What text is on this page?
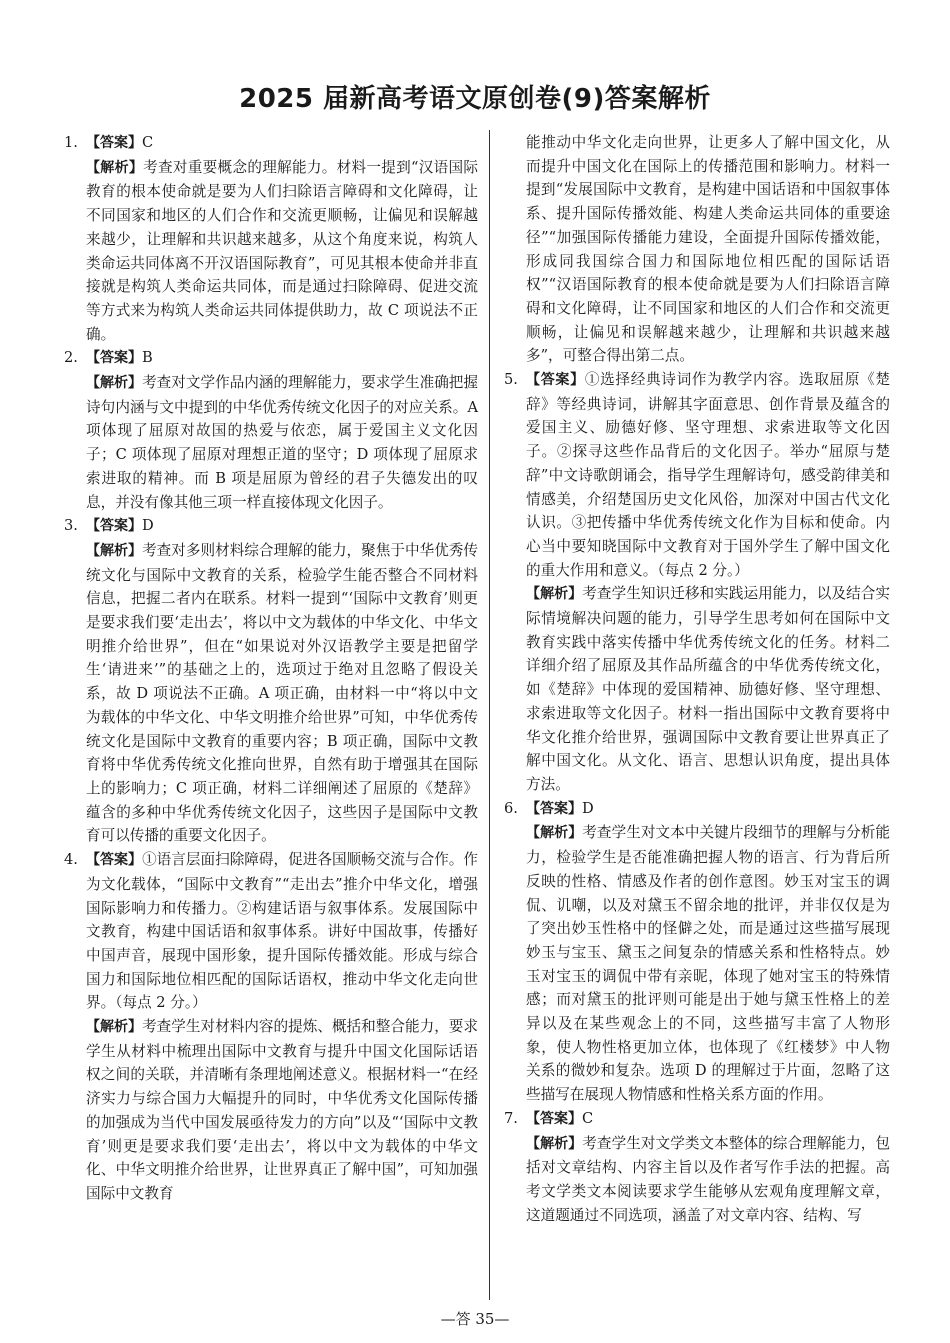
2025 届新高考语文原创卷(9)答案解析
1. 【答案】C
【解析】考查对重要概念的理解能力。材料一提到“汉语国际教育的根本使命就是要为人们扫除语言障碍和文化障碍，让不同国家和地区的人们合作和交流更顺畅，让偏见和误解越来越少，让理解和共识越来越多，从这个角度来说，构筑人类命运共同体离不开汉语国际教育”，可见其根本使命并非直接就是构筑人类命运共同体，而是通过扫除障碍、促进交流等方式来为构筑人类命运共同体提供助力，故 C 项说法不正确。
2. 【答案】B
【解析】考查对文学作品内涵的理解能力，要求学生准确把握诗句内涵与文中提到的中华优秀传统文化因子的对应关系。A 项体现了屈原对故国的热爱与依恋，属于爱国主义文化因子；C 项体现了屈原对理想正道的坚守；D 项体现了屈原求索进取的精神。而 B 项是屈原为曾经的君子失德发出的叹息，并没有像其他三项一样直接体现文化因子。
3. 【答案】D
【解析】考查对多则材料综合理解的能力，聚焦于中华优秀传统文化与国际中文教育的关系，检验学生能否整合不同材料信息，把握二者内在联系。材料一提到“‘国际中文教育’则更是要求我们要‘走出去’，将以中文为载体的中华文化、中华文明推介给世界”，但在“如果说对外汉语教学主要是把留学生‘请进来’”的基础之上的，选项过于绝对且忽略了假设关系，故 D 项说法不正确。A 项正确，由材料一中“将以中文为载体的中华文化、中华文明推介给世界”可知，中华优秀传统文化是国际中文教育的重要内容；B 项正确，国际中文教育将中华优秀传统文化推向世界，自然有助于增强其在国际上的影响力；C 项正确，材料二详细阐述了屈原的《楚辞》蕴含的多种中华优秀传统文化因子，这些因子是国际中文教育可以传播的重要文化因子。
4. 【答案】①语言层面扫除障碍，促进各国顺畅交流与合作。作为文化载体，“国际中文教育”“走出去”推介中华文化，增强国际影响力和传播力。②构建话语与叙事体系。发展国际中文教育，构建中国话语和叙事体系。讲好中国故事，传播好中国声音，展现中国形象，提升国际传播效能。形成与综合国力和国际地位相匹配的国际话语权，推动中华文化走向世界。（每点 2 分。）
【解析】考查学生对材料内容的提炼、概括和整合能力，要求学生从材料中梳理出国际中文教育与提升中国文化国际话语权之间的关联，并清晰有条理地阐述意义。根据材料一“在经济实力与综合国力大幅提升的同时，中华优秀文化国际传播的加强成为当代中国发展亟待发力的方向”以及“‘国际中文教育’则更是要求我们要‘走出去’，将以中文为载体的中华文化、中华文明推介给世界，让世界真正了解中国”，可知加强国际中文教育
能推动中华文化走向世界，让更多人了解中国文化，从而提升中国文化在国际上的传播范围和影响力。材料一提到“发展国际中文教育，是构建中国话语和中国叙事体系、提升国际传播效能、构建人类命运共同体的重要途径”“加强国际传播能力建设，全面提升国际传播效能，形成同我国综合国力和国际地位相匹配的国际话语权”“汉语国际教育的根本使命就是要为人们扫除语言障碍和文化障碍，让不同国家和地区的人们合作和交流更顺畅，让偏见和误解越来越少，让理解和共识越来越多”，可整合得出第二点。
5. 【答案】①选择经典诗词作为教学内容。选取屈原《楚辞》等经典诗词，讲解其字面意思、创作背景及蕴含的爱国主义、励德好修、坚守理想、求索进取等文化因子。②探寻这些作品背后的文化因子。举办“屈原与楚辞”中文诗歌朗诵会，指导学生理解诗句，感受韵律美和情感美，介绍楚国历史文化风俗，加深对中国古代文化认识。③把传播中华优秀传统文化作为目标和使命。内心当中要知晓国际中文教育对于国外学生了解中国文化的重大作用和意义。（每点 2 分。）
【解析】考查学生知识迁移和实践运用能力，以及结合实际情境解决问题的能力，引导学生思考如何在国际中文教育实践中落实传播中华优秀传统文化的任务。材料二详细介绍了屈原及其作品所蕴含的中华优秀传统文化，如《楚辞》中体现的爱国精神、励德好修、坚守理想、求索进取等文化因子。材料一指出国际中文教育要将中华文化推介给世界，强调国际中文教育要让世界真正了解中国文化。从文化、语言、思想认识角度，提出具体方法。
6. 【答案】D
【解析】考查学生对文本中关键片段细节的理解与分析能力，检验学生是否能准确把握人物的语言、行为背后所反映的性格、情感及作者的创作意图。妙玉对宝玉的调侃、讥嘲，以及对黛玉不留余地的批评，并非仅仅是为了突出妙玉性格中的怪僻之处，而是通过这些描写展现妙玉与宝玉、黛玉之间复杂的情感关系和性格特点。妙玉对宝玉的调侃中带有亲昵，体现了她对宝玉的特殊情感；而对黛玉的批评则可能是出于她与黛玉性格上的差异以及在某些观念上的不同，这些描写丰富了人物形象，使人物性格更加立体，也体现了《红楼梦》中人物关系的微妙和复杂。选项 D 的理解过于片面，忽略了这些描写在展现人物情感和性格关系方面的作用。
7. 【答案】C
【解析】考查学生对文学类文本整体的综合理解能力，包括对文章结构、内容主旨以及作者写作手法的把握。高考文学类文本阅读要求学生能够从宏观角度理解文章，这道题通过不同选项，涵盖了对文章内容、结构、写
—答 35—
